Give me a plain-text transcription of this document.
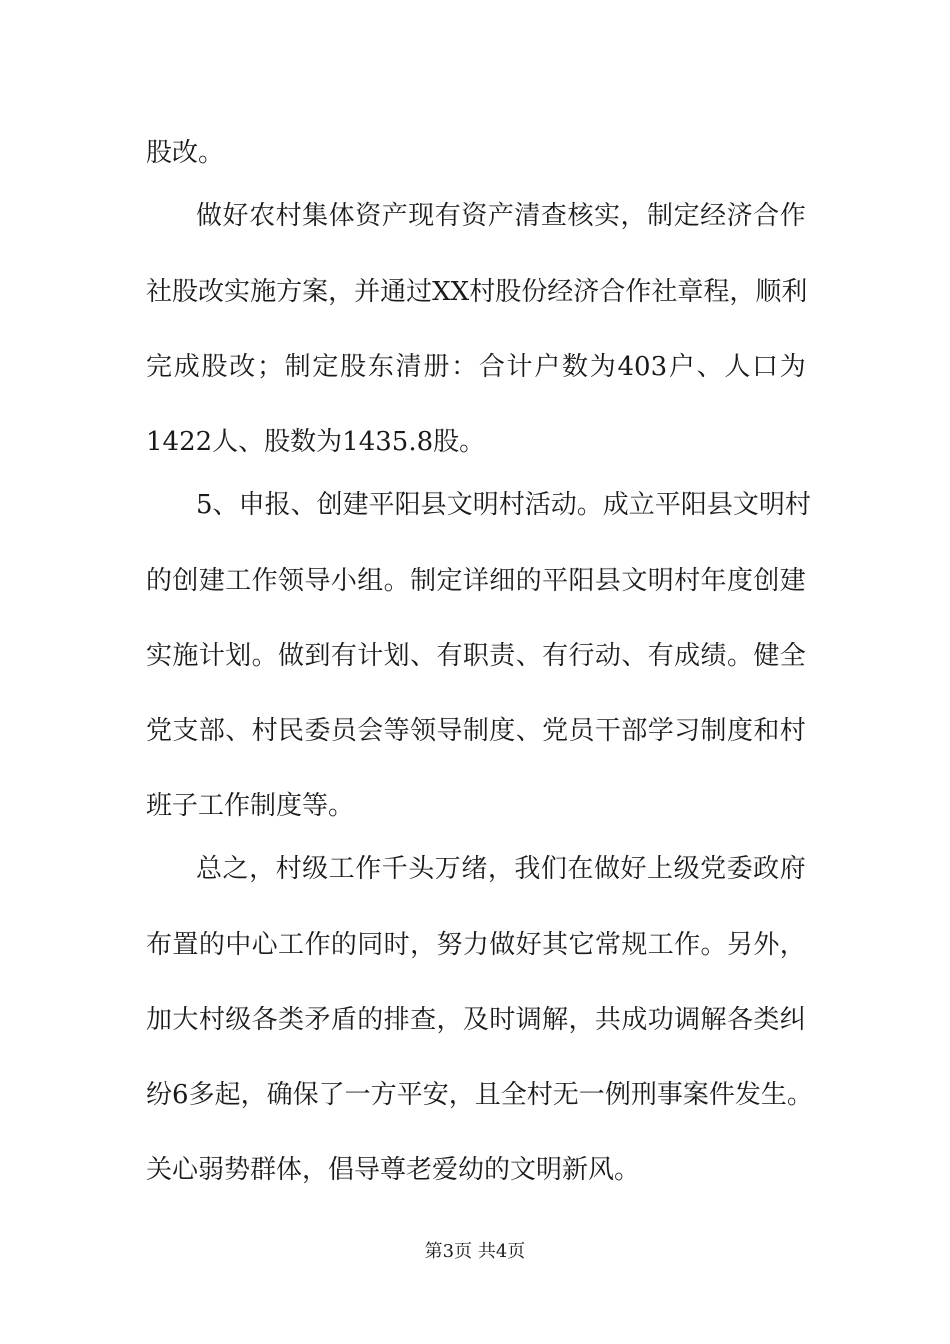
股改。
做 好 农 村 集 体 资 产 现 有 资 产 清 查 核 实 ， 制 定 经 济 合 作
社 股 改 实 施 方 案 ， 并 通 过 XX 村 股 份 经 济 合 作 社 章 程 ， 顺 利
完 成 股 改 ； 制 定 股 东 清 册 ： 合 计 户 数 为 403 户 、 人 口 为
1422人、股数为1435.8股。
5 、 申 报 、 创 建 平 阳 县 文 明 村 活 动 。 成 立 平 阳 县 文 明 村
的 创 建 工 作 领 导 小 组 。 制 定 详 细 的 平 阳 县 文 明 村 年 度 创 建
实 施 计 划 。 做 到 有 计 划 、 有 职 责 、 有 行 动 、 有 成 绩 。 健 全
党 支 部 、 村 民 委 员 会 等 领 导 制 度 、 党 员 干 部 学 习 制 度 和 村
班子工作制度等。
总 之 ， 村 级 工 作 千 头 万 绪 ， 我 们 在 做 好 上 级 党 委 政 府
布 置 的 中 心 工 作 的 同 时 ， 努 力 做 好 其 它 常 规 工 作 。 另 外 ，
加 大 村 级 各 类 矛 盾 的 排 查 ， 及 时 调 解 ， 共 成 功 调 解 各 类 纠
纷 6 多 起 ， 确 保 了 一 方 平 安 ， 且 全 村 无 一 例 刑 事 案 件 发 生 。
关心弱势群体，倡导尊老爱幼的文明新风。
第3页 共4页
